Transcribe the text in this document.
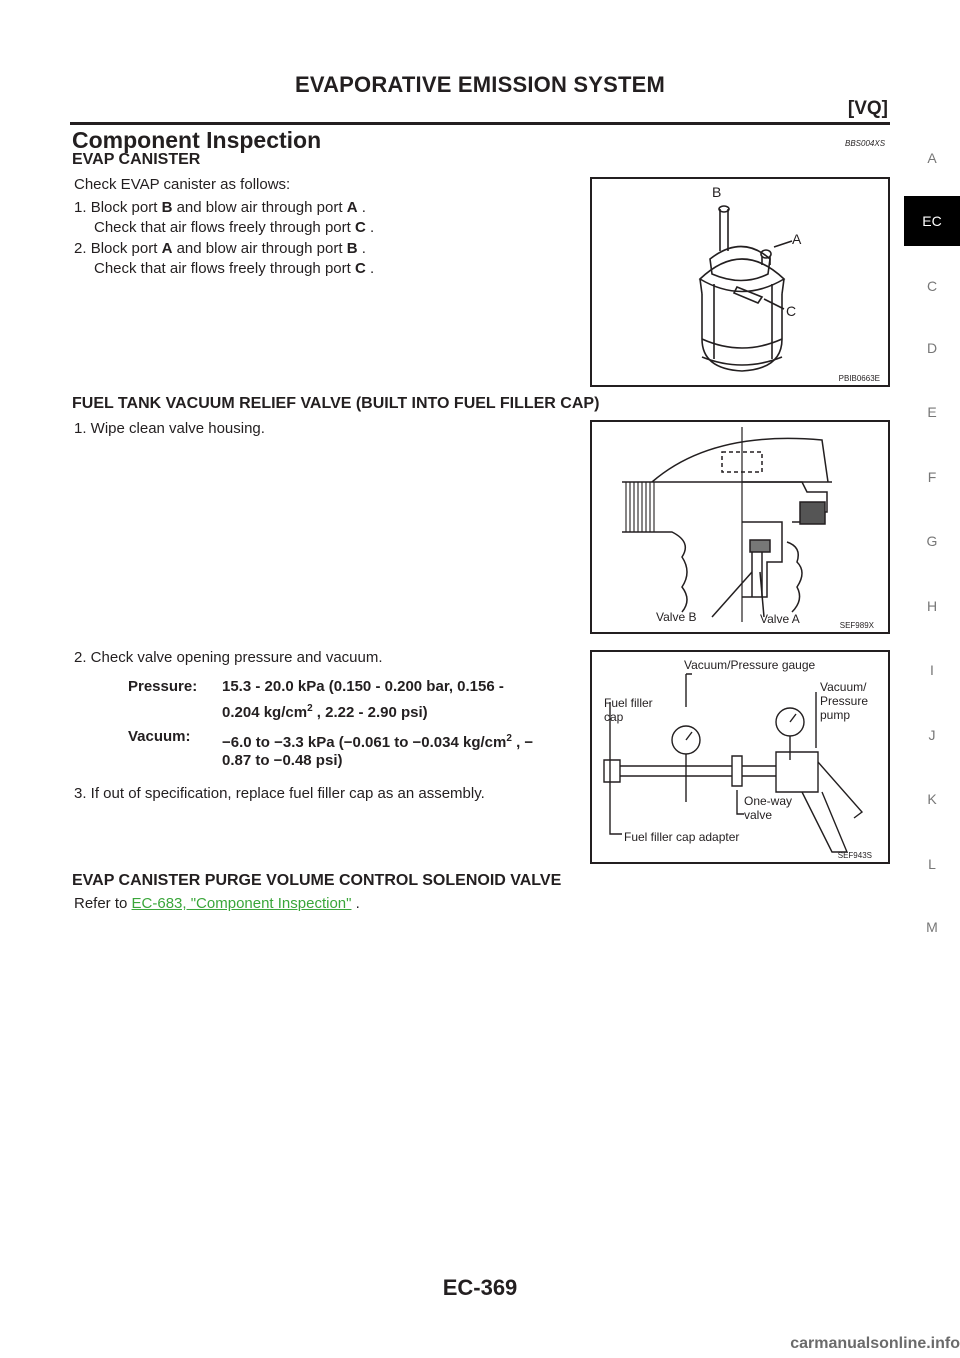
EVAPORATIVE EMISSION SYSTEM
[VQ]
Component Inspection	BBS004XS
EVAP CANISTER
Check EVAP canister as follows:
1. Block port B and blow air through port A .
Check that air flows freely through port C .
2. Block port A and blow air through port B .
Check that air flows freely through port C .
B
A
C
PBIB0663E
FUEL TANK VACUUM RELIEF VALVE (BUILT INTO FUEL FILLER CAP)
1. Wipe clean valve housing.
Valve B	Valve A	SEF989X
2. Check valve opening pressure and vacuum.
Pressure: 15.3 - 20.0 kPa (0.150 - 0.200 bar, 0.156 -
0.204 $kg/cm^2$ , 2.22 - 2.90 psi)
Vacuum: −6.0 to −3.3 kPa (−0.061 to −0.034 $kg/cm^2$ , −
0.87 to −0.48 psi)
3. If out of specification, replace fuel filler cap as an assembly.
Vacuum/Pressure gauge
Fuel filler
cap
Vacuum/
Pressure
pump
One-way
valve
Fuel filler cap adapter
SEF943S
EVAP CANISTER PURGE VOLUME CONTROL SOLENOID VALVE
Refer to EC-683, "Component Inspection" .
A
EC
C
D
E
F
G
H
I
J
K
L
M
EC-369
carmanualsonline.info
